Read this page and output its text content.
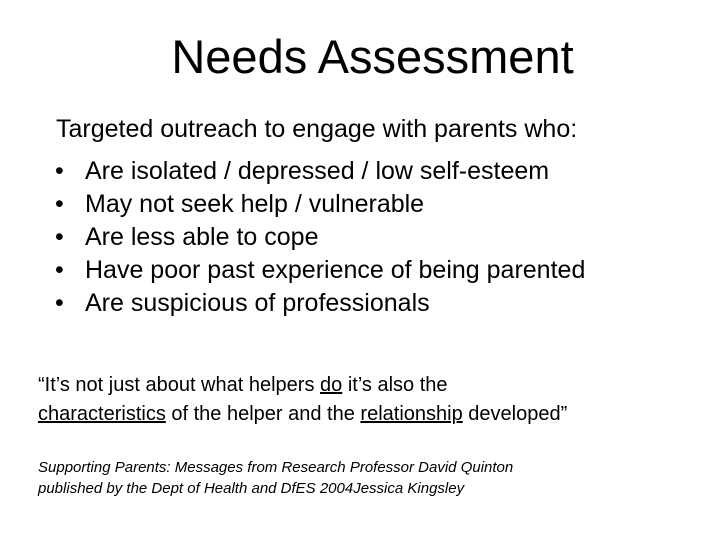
Needs Assessment
Targeted outreach to engage with parents who:
• Are isolated / depressed / low self-esteem
• May not seek help / vulnerable
• Are less able to cope
• Have poor past experience of being parented
• Are suspicious of professionals
“It’s not just about what helpers do it’s also the
characteristics of the helper and the relationship developed”
Supporting Parents: Messages from Research Professor David Quinton
published by the Dept of Health and DfES 2004Jessica Kingsley
